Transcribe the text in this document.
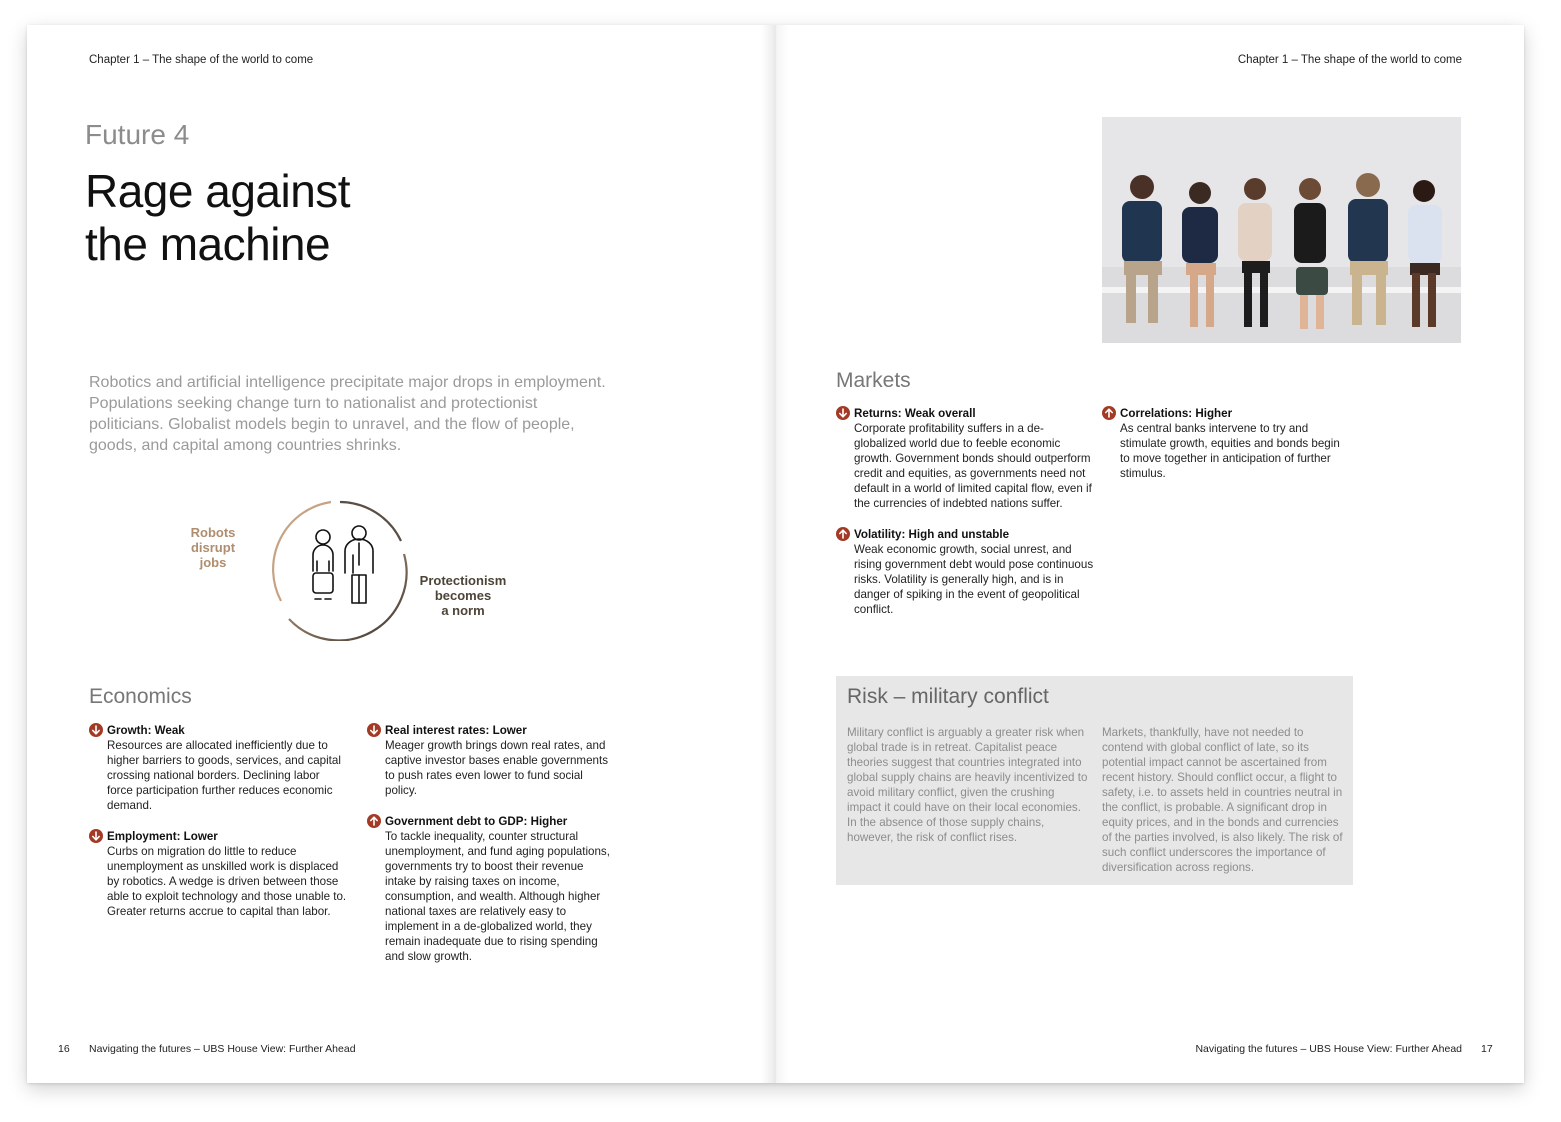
Chapter 1 – The shape of the world to come
Future 4
Rage against
the machine
Robotics and artificial intelligence precipitate major drops in employment. Populations seeking change turn to nationalist and protectionist politicians. Globalist models begin to unravel, and the flow of people, goods, and capital among countries shrinks.
Robots
disrupt
jobs
Protectionism
becomes
a norm
Economics
Growth: Weak
Resources are allocated inefficiently due to higher barriers to goods, services, and capital crossing national borders. Declining labor force participation further reduces economic demand.
Employment: Lower
Curbs on migration do little to reduce unemployment as unskilled work is displaced by robotics. A wedge is driven between those able to exploit technology and those unable to. Greater returns accrue to capital than labor.
Real interest rates: Lower
Meager growth brings down real rates, and captive investor bases enable governments to push rates even lower to fund social policy.
Government debt to GDP: Higher
To tackle inequality, counter structural unemployment, and fund aging populations, governments try to boost their revenue intake by raising taxes on income, consumption, and wealth. Although higher national taxes are relatively easy to implement in a de-globalized world, they remain inadequate due to rising spending and slow growth.
16 Navigating the futures – UBS House View: Further Ahead
Chapter 1 – The shape of the world to come
Markets
Returns: Weak overall
Corporate profitability suffers in a de-globalized world due to feeble economic growth. Government bonds should outperform credit and equities, as governments need not default in a world of limited capital flow, even if the currencies of indebted nations suffer.
Volatility: High and unstable
Weak economic growth, social unrest, and rising government debt would pose continuous risks. Volatility is generally high, and is in danger of spiking in the event of geopolitical conflict.
Correlations: Higher
As central banks intervene to try and stimulate growth, equities and bonds begin to move together in anticipation of further stimulus.
Risk – military conflict
Military conflict is arguably a greater risk when global trade is in retreat. Capitalist peace theories suggest that countries integrated into global supply chains are heavily incentivized to avoid military conflict, given the crushing impact it could have on their local economies. In the absence of those supply chains, however, the risk of conflict rises.
Markets, thankfully, have not needed to contend with global conflict of late, so its potential impact cannot be ascertained from recent history. Should conflict occur, a flight to safety, i.e. to assets held in countries neutral in the conflict, is probable. A significant drop in equity prices, and in the bonds and currencies of the parties involved, is also likely. The risk of such conflict underscores the importance of diversification across regions.
Navigating the futures – UBS House View: Further Ahead 17
